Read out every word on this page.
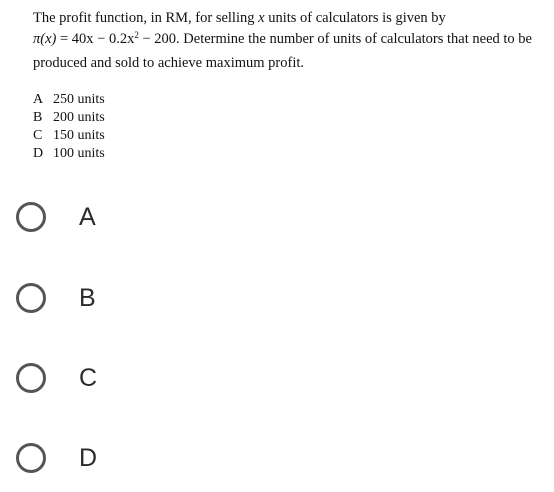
The profit function, in RM, for selling x units of calculators is given by
$\pi(x) = 40x - 0.2x^2 - 200$. Determine the number of units of calculators that need to be
produced and sold to achieve maximum profit.
A 250 units
B 200 units
C 150 units
D 100 units
A
B
C
D
